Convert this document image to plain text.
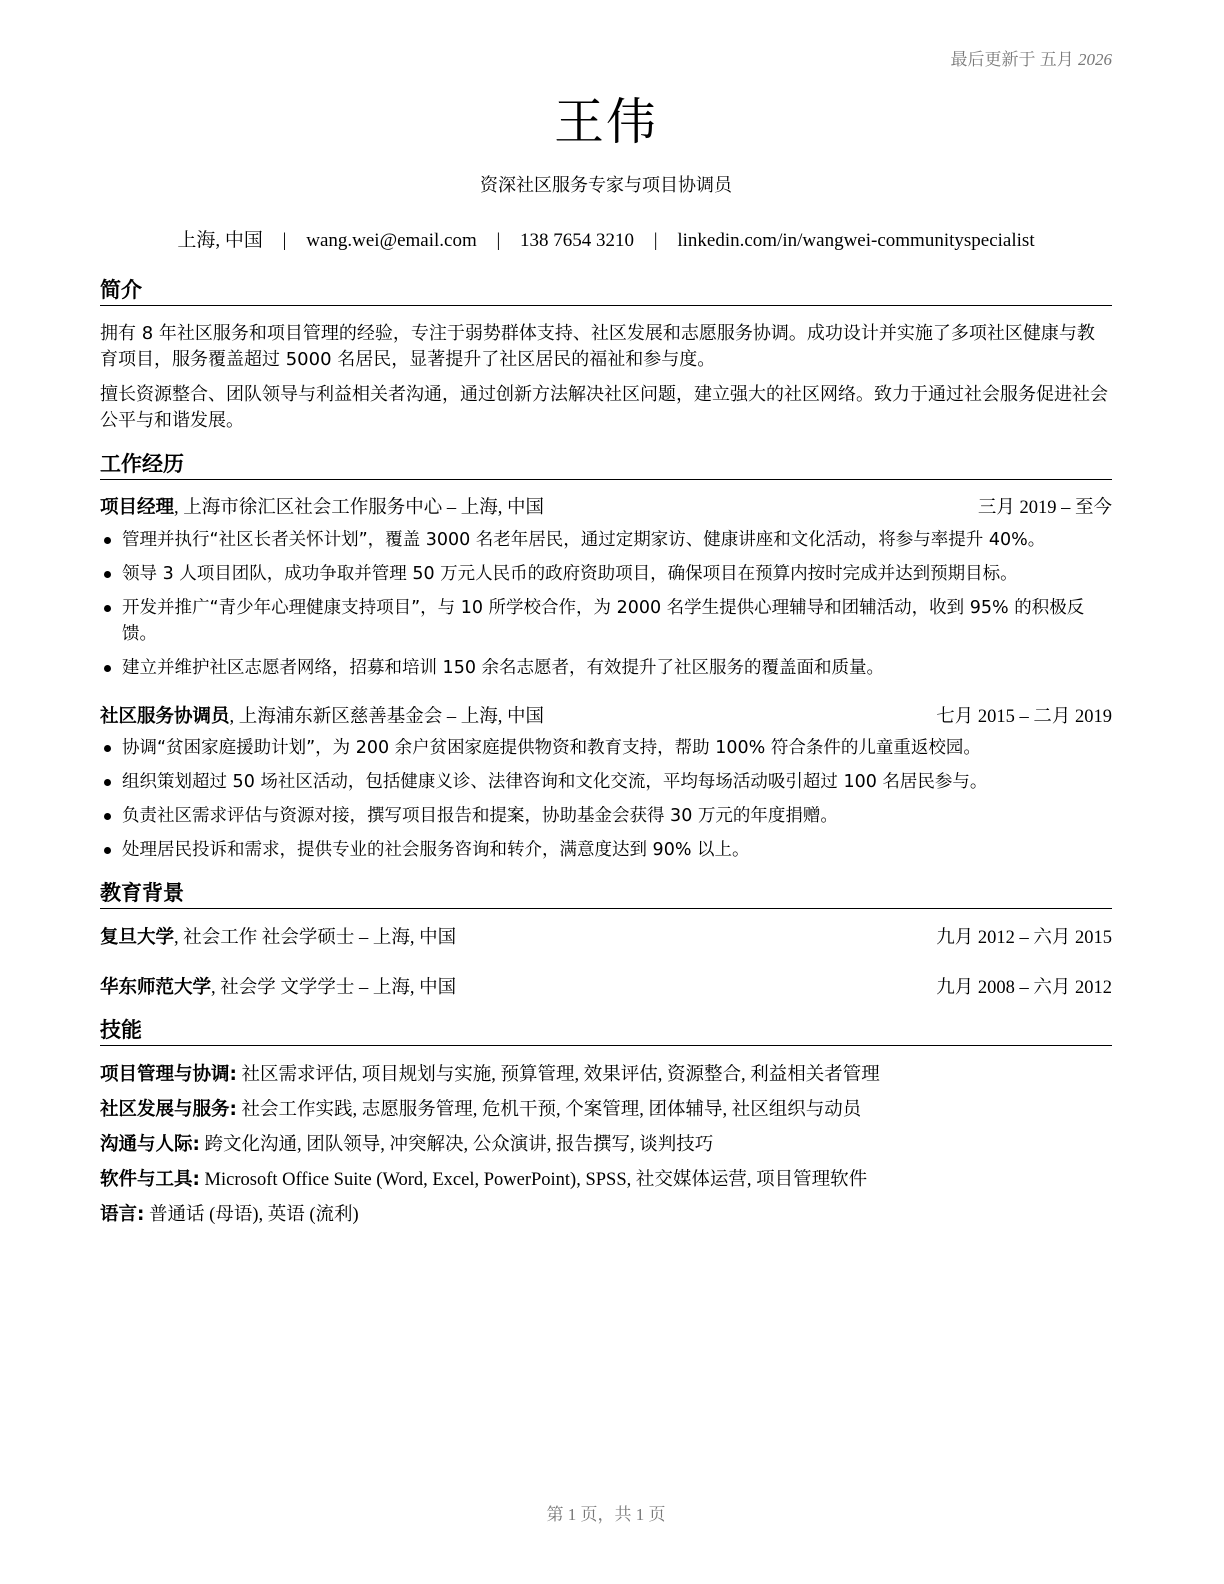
最后更新于 五月 2026
王伟
资深社区服务专家与项目协调员
上海, 中国 | wang.wei@email.com | 138 7654 3210 | linkedin.com/in/wangwei-communityspecialist
简介
拥有 8 年社区服务和项目管理的经验，专注于弱势群体支持、社区发展和志愿服务协调。成功设计并实施了多项社区健康与教育项目，服务覆盖超过 5000 名居民，显著提升了社区居民的福祉和参与度。
擅长资源整合、团队领导与利益相关者沟通，通过创新方法解决社区问题，建立强大的社区网络。致力于通过社会服务促进社会公平与和谐发展。
工作经历
项目经理, 上海市徐汇区社会工作服务中心 – 上海, 中国	三月 2019 – 至今
管理并执行“社区长者关怀计划”，覆盖 3000 名老年居民，通过定期家访、健康讲座和文化活动，将参与率提升 40%。
领导 3 人项目团队，成功争取并管理 50 万元人民币的政府资助项目，确保项目在预算内按时完成并达到预期目标。
开发并推广“青少年心理健康支持项目”，与 10 所学校合作，为 2000 名学生提供心理辅导和团辅活动，收到 95% 的积极反馈。
建立并维护社区志愿者网络，招募和培训 150 余名志愿者，有效提升了社区服务的覆盖面和质量。
社区服务协调员, 上海浦东新区慈善基金会 – 上海, 中国	七月 2015 – 二月 2019
协调“贫困家庭援助计划”，为 200 余户贫困家庭提供物资和教育支持，帮助 100% 符合条件的儿童重返校园。
组织策划超过 50 场社区活动，包括健康义诊、法律咨询和文化交流，平均每场活动吸引超过 100 名居民参与。
负责社区需求评估与资源对接，撰写项目报告和提案，协助基金会获得 30 万元的年度捐赠。
处理居民投诉和需求，提供专业的社会服务咨询和转介，满意度达到 90% 以上。
教育背景
复旦大学, 社会工作 社会学硕士 – 上海, 中国	九月 2012 – 六月 2015
华东师范大学, 社会学 文学学士 – 上海, 中国	九月 2008 – 六月 2012
技能
项目管理与协调: 社区需求评估, 项目规划与实施, 预算管理, 效果评估, 资源整合, 利益相关者管理
社区发展与服务: 社会工作实践, 志愿服务管理, 危机干预, 个案管理, 团体辅导, 社区组织与动员
沟通与人际: 跨文化沟通, 团队领导, 冲突解决, 公众演讲, 报告撰写, 谈判技巧
软件与工具: Microsoft Office Suite (Word, Excel, PowerPoint), SPSS, 社交媒体运营, 项目管理软件
语言: 普通话 (母语), 英语 (流利)
第 1 页，共 1 页
